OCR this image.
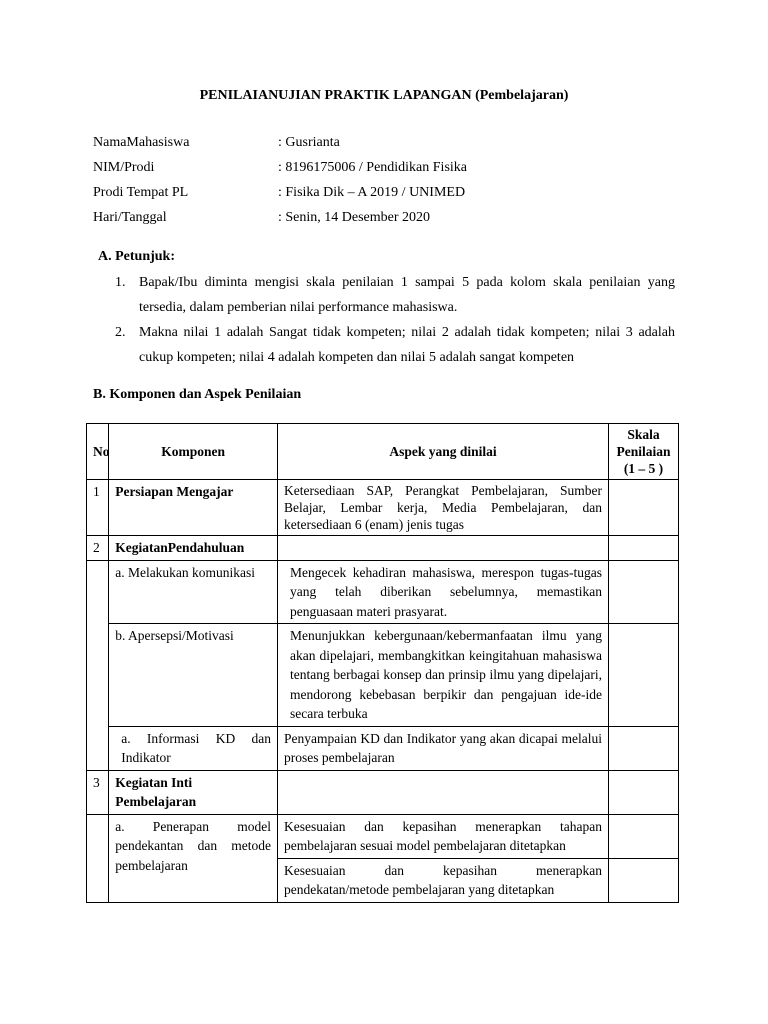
PENILAIANUJIAN PRAKTIK LAPANGAN (Pembelajaran)
NamaMahasiswa	: Gusrianta
NIM/Prodi	: 8196175006 / Pendidikan Fisika
Prodi Tempat PL	: Fisika Dik – A 2019 / UNIMED
Hari/Tanggal	: Senin, 14 Desember 2020
A. Petunjuk:
1. Bapak/Ibu diminta mengisi skala penilaian 1 sampai 5 pada kolom skala penilaian yang tersedia, dalam pemberian nilai performance mahasiswa.
2. Makna nilai 1 adalah Sangat tidak kompeten; nilai 2 adalah tidak kompeten; nilai 3 adalah cukup kompeten; nilai 4 adalah kompeten dan nilai 5 adalah sangat kompeten
B. Komponen dan Aspek Penilaian
No	Komponen	Aspek yang dinilai	Skala Penilaian (1 – 5 )
1	Persiapan Mengajar	Ketersediaan SAP, Perangkat Pembelajaran, Sumber Belajar, Lembar kerja, Media Pembelajaran, dan ketersediaan 6 (enam) jenis tugas	
2	KegiatanPendahuluan		
	a. Melakukan komunikasi	Mengecek kehadiran mahasiswa, merespon tugas-tugas yang telah diberikan sebelumnya, memastikan penguasaan materi prasyarat.	
	b. Apersepsi/Motivasi	Menunjukkan kebergunaan/kebermanfaatan ilmu yang akan dipelajari, membangkitkan keingitahuan mahasiswa tentang berbagai konsep dan prinsip ilmu yang dipelajari, mendorong kebebasan berpikir dan pengajuan ide-ide secara terbuka	
	a. Informasi KD dan Indikator	Penyampaian KD dan Indikator yang akan dicapai melalui proses pembelajaran	
3	Kegiatan Inti Pembelajaran		
	a. Penerapan model pendekantan dan metode pembelajaran	Kesesuaian dan kepasihan menerapkan tahapan pembelajaran sesuai model pembelajaran ditetapkan	
		Kesesuaian dan kepasihan menerapkan pendekatan/metode pembelajaran yang ditetapkan	
